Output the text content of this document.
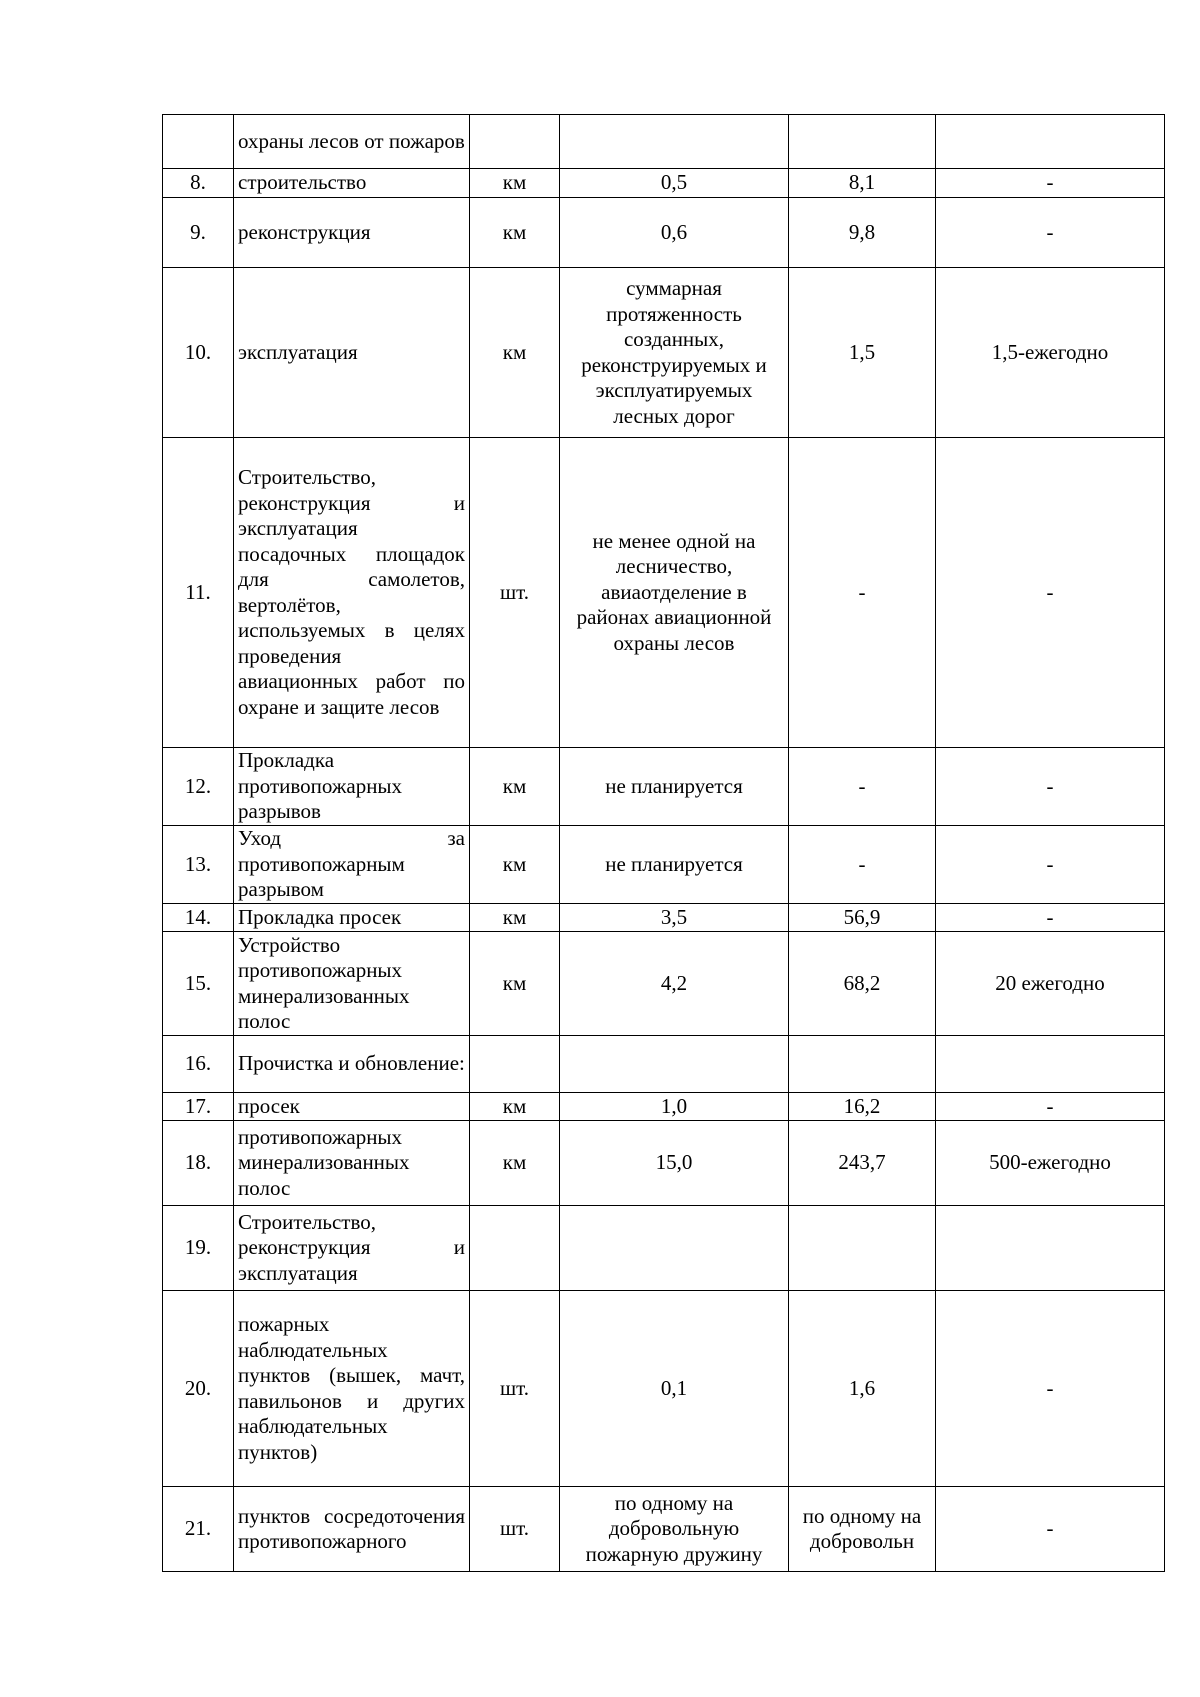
	охраны лесов от пожаров				
8.	строительство	км	0,5	8,1	-
9.	реконструкция	км	0,6	9,8	-
10.	эксплуатация	км	суммарная протяженность созданных, реконструируемых и эксплуатируемых лесных дорог	1,5	1,5-ежегодно
11.	Строительство, реконструкция и эксплуатация посадочных площадок для самолетов, вертолётов, используемых в целях проведения авиационных работ по охране и защите лесов	шт.	не менее одной на лесничество, авиаотделение в районах авиационной охраны лесов	-	-
12.	Прокладка противопожарных разрывов	км	не планируется	-	-
13.	Уход за противопожарным разрывом	км	не планируется	-	-
14.	Прокладка просек	км	3,5	56,9	-
15.	Устройство противопожарных минерализованных полос	км	4,2	68,2	20 ежегодно
16.	Прочистка и обновление:				
17.	просек	км	1,0	16,2	-
18.	противопожарных минерализованных полос	км	15,0	243,7	500-ежегодно
19.	Строительство, реконструкция и эксплуатация				
20.	пожарных наблюдательных пунктов (вышек, мачт, павильонов и других наблюдательных пунктов)	шт.	0,1	1,6	-
21.	пунктов сосредоточения противопожарного	шт.	по одному на добровольную пожарную дружину	по одному на добровольн	-
